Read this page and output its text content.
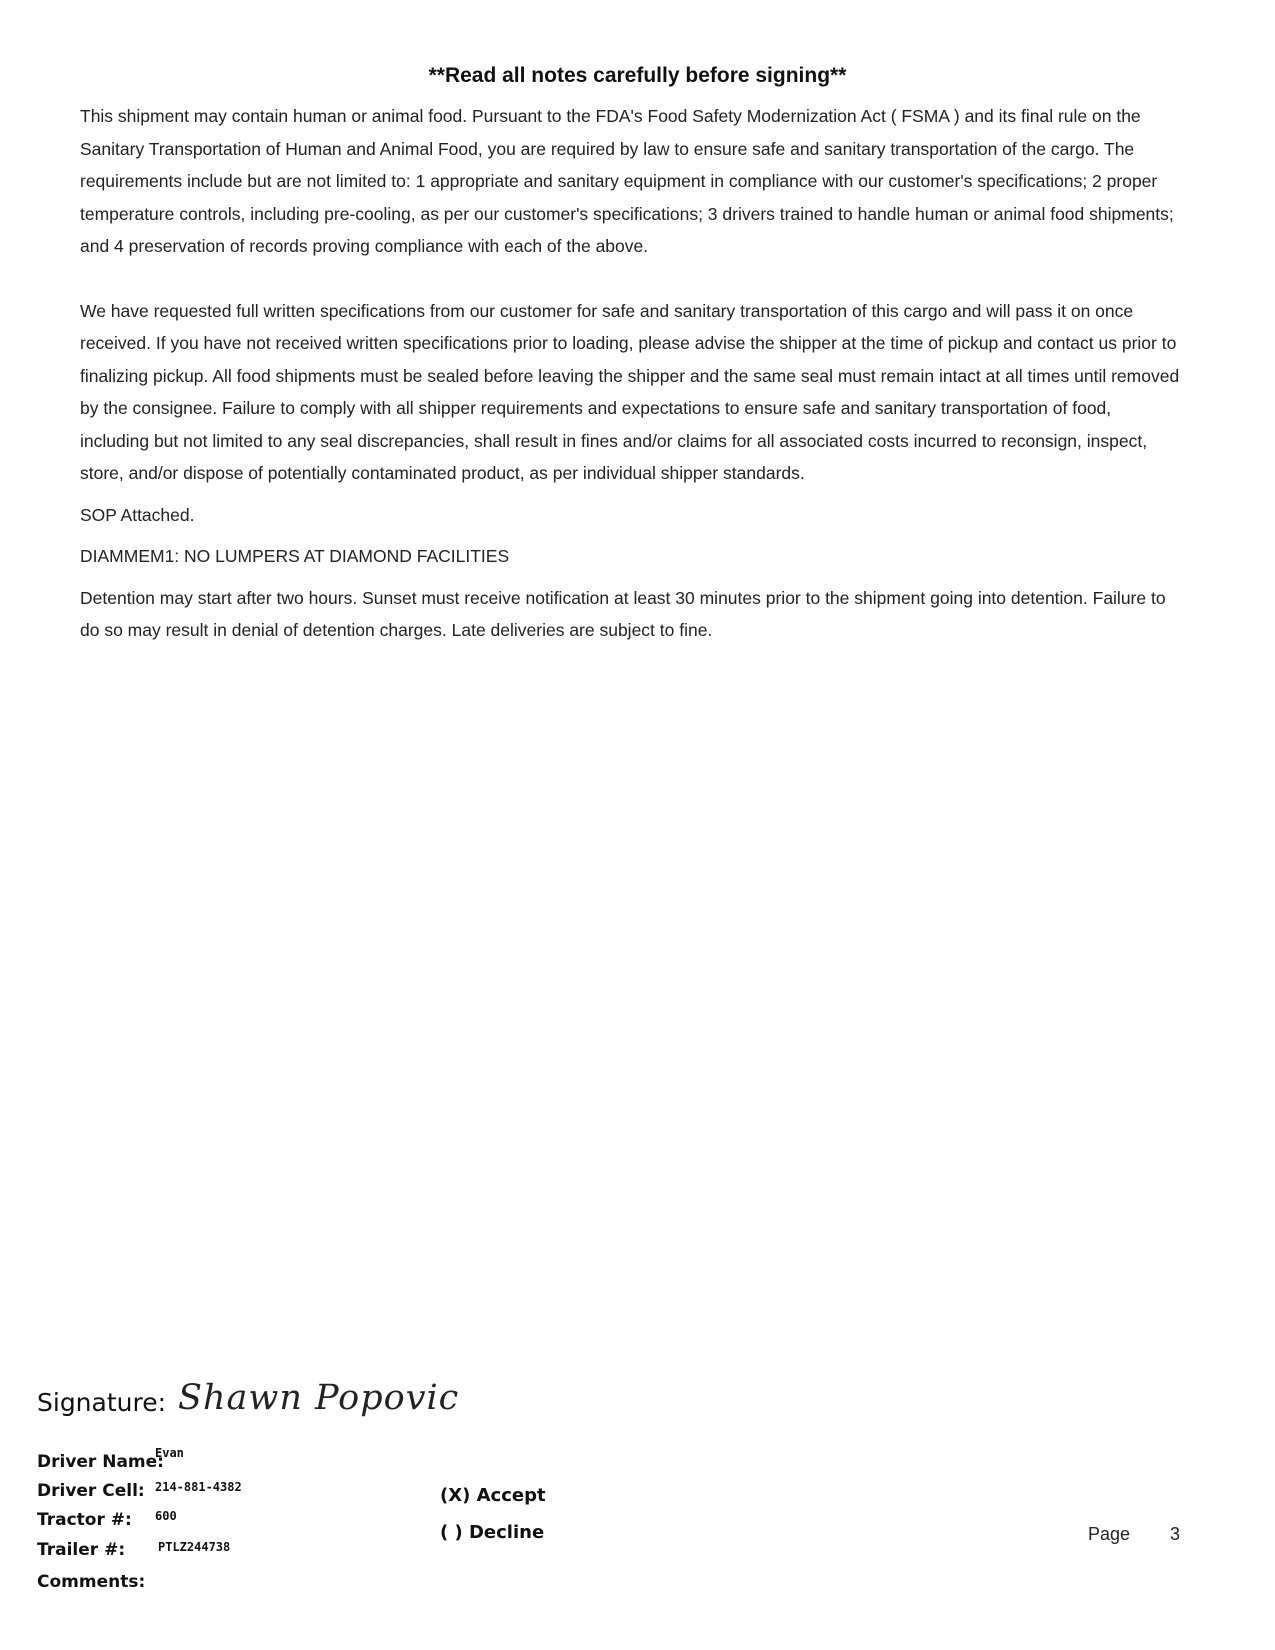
**Read all notes carefully before signing**

This shipment may contain human or animal food. Pursuant to the FDA's Food Safety Modernization Act ( FSMA ) and its final rule on the Sanitary Transportation of Human and Animal Food, you are required by law to ensure safe and sanitary transportation of the cargo. The requirements include but are not limited to: 1 appropriate and sanitary equipment in compliance with our customer's specifications; 2 proper temperature controls, including pre-cooling, as per our customer's specifications; 3 drivers trained to handle human or animal food shipments; and 4 preservation of records proving compliance with each of the above.

We have requested full written specifications from our customer for safe and sanitary transportation of this cargo and will pass it on once received. If you have not received written specifications prior to loading, please advise the shipper at the time of pickup and contact us prior to finalizing pickup. All food shipments must be sealed before leaving the shipper and the same seal must remain intact at all times until removed by the consignee. Failure to comply with all shipper requirements and expectations to ensure safe and sanitary transportation of food, including but not limited to any seal discrepancies, shall result in fines and/or claims for all associated costs incurred to reconsign, inspect, store, and/or dispose of potentially contaminated product, as per individual shipper standards.

SOP Attached.

DIAMMEM1: NO LUMPERS AT DIAMOND FACILITIES

Detention may start after two hours. Sunset must receive notification at least 30 minutes prior to the shipment going into detention. Failure to do so may result in denial of detention charges. Late deliveries are subject to fine.

Signature: Shawn Popovic
Driver Name:
Evan
Driver Cell: 214-881-4382
Tractor #: 600
Trailer #:	PTLZ244738
Comments:
(X) Accept
( ) Decline	Page 3
